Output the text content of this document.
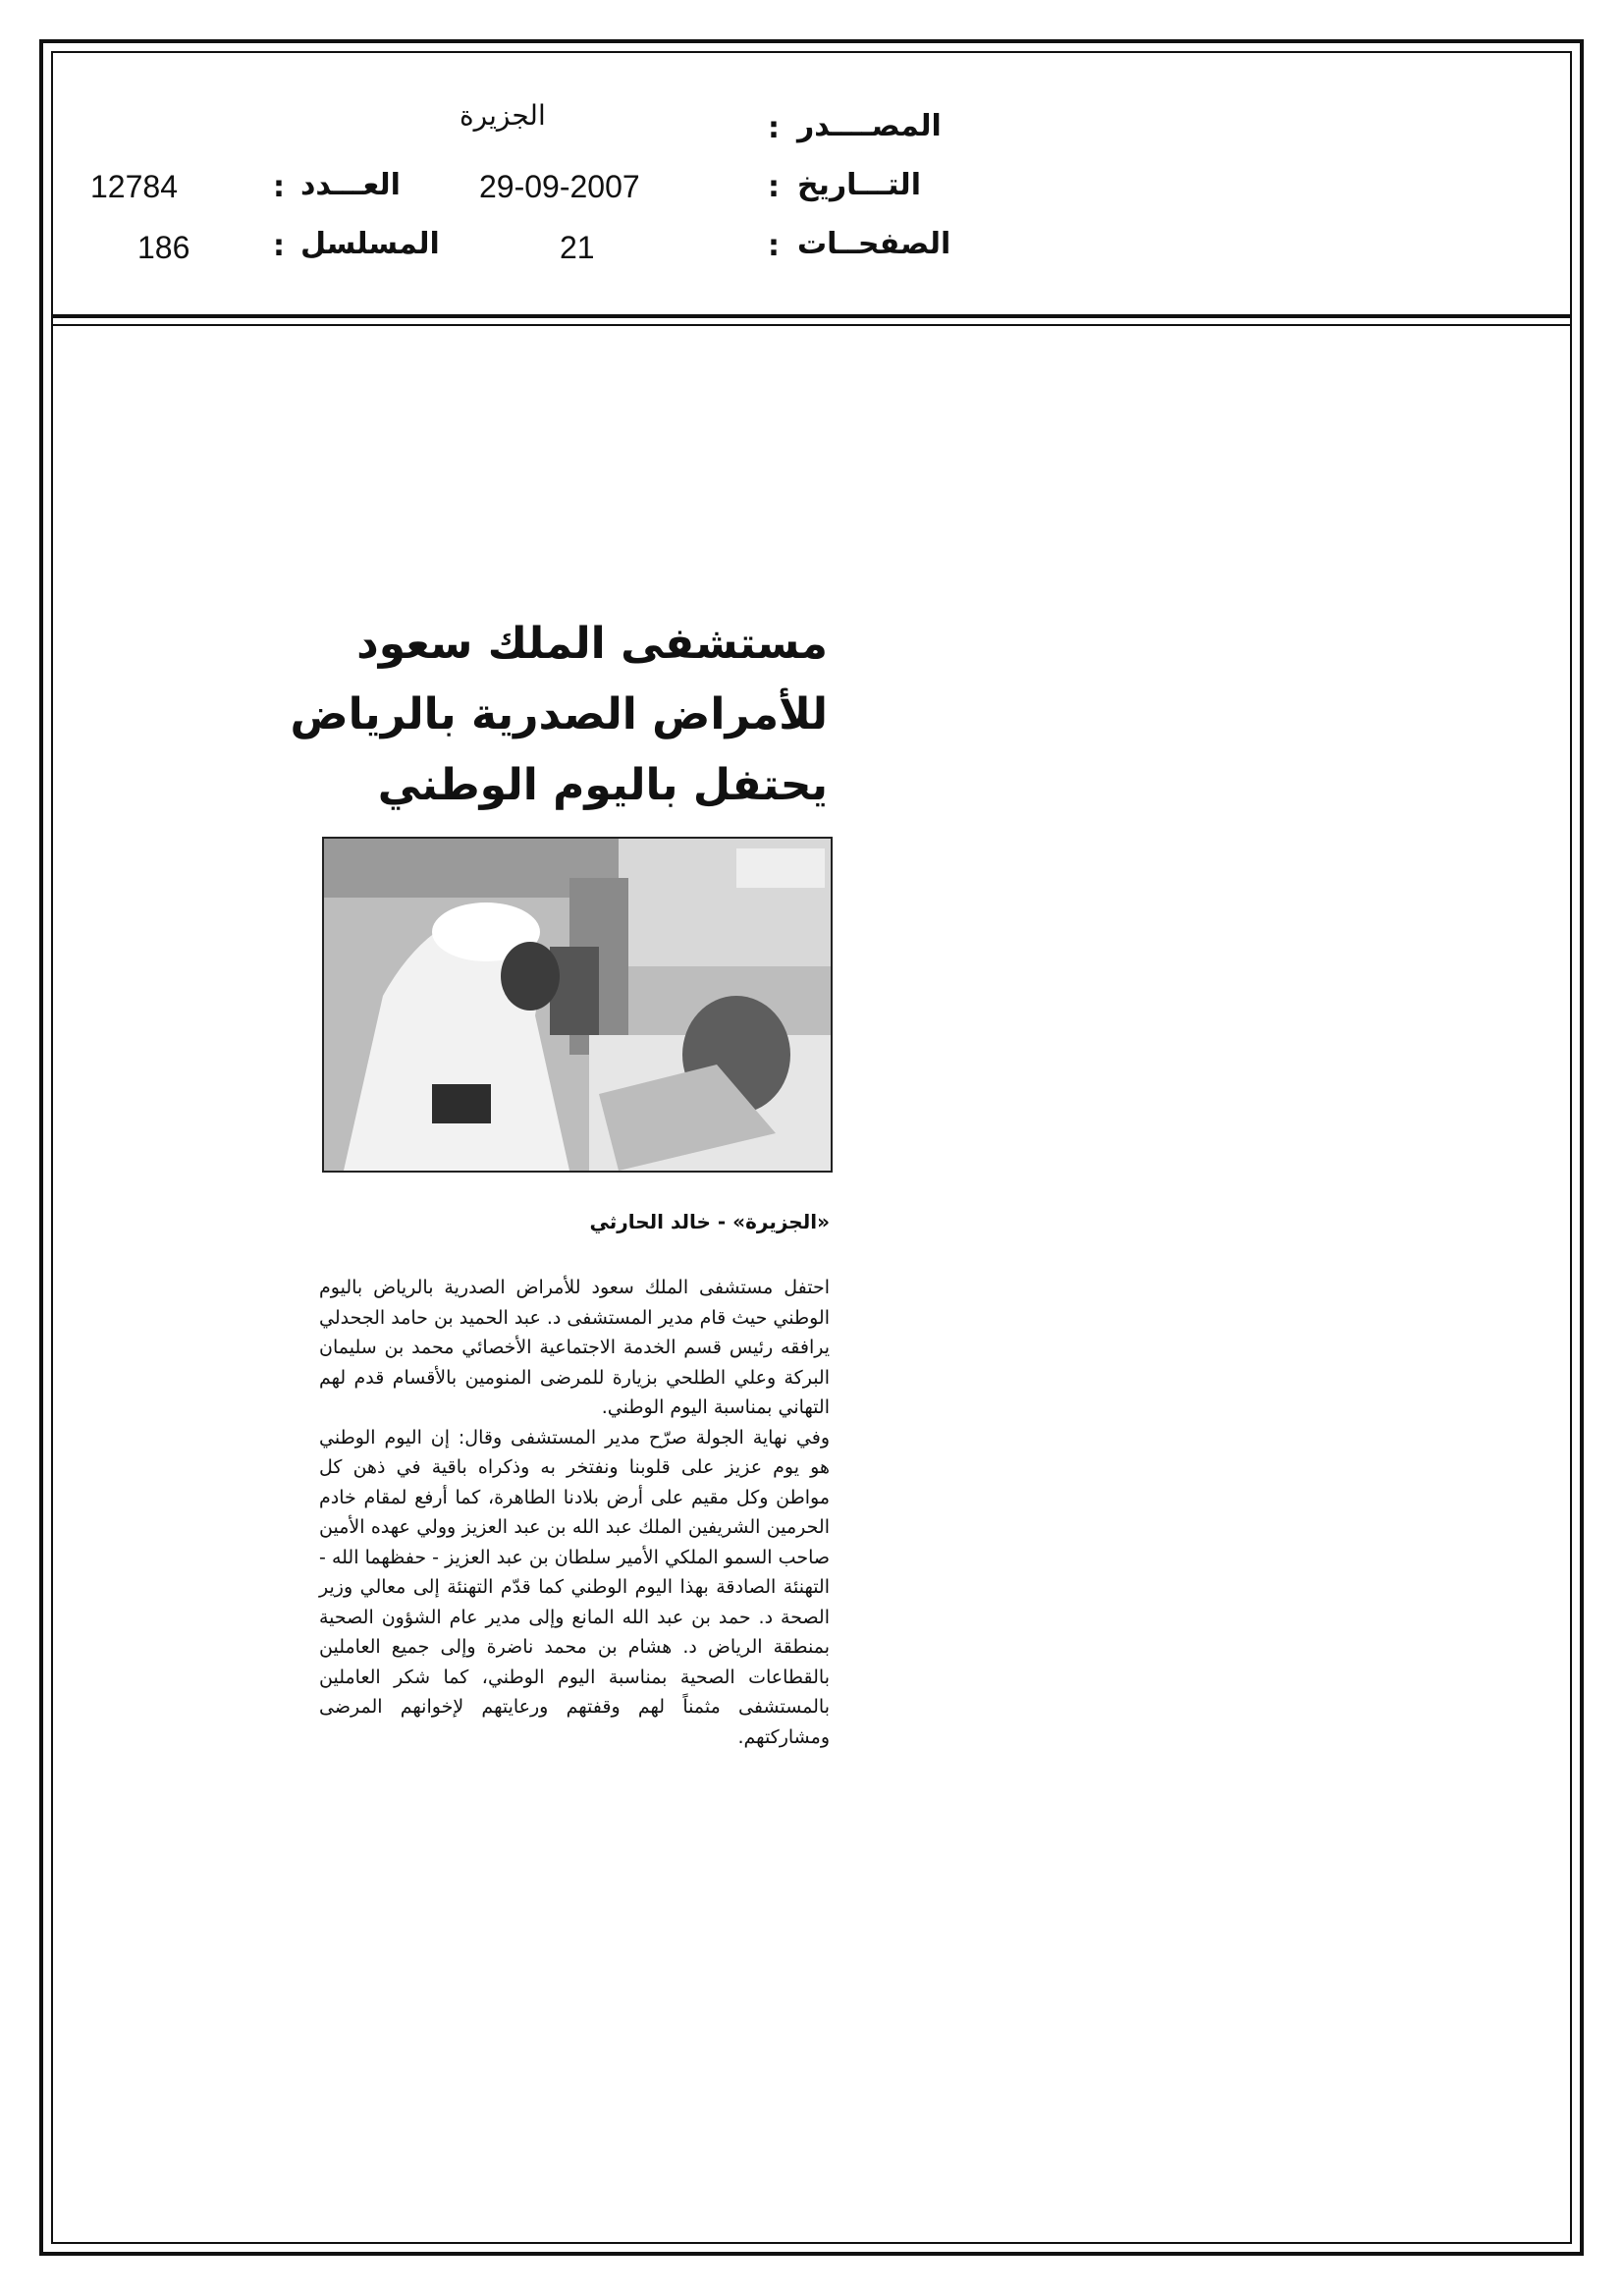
المصــــدر
:
الجزيرة
التـــاريخ
:
29-09-2007
الصفحــات
:
21
العـــدد
:
12784
المسلسل
:
186
مستشفى الملك سعود للأمراض الصدرية بالرياض يحتفل باليوم الوطني
«الجزيرة» - خالد الحارثي

احتفل مستشفى الملك سعود للأمراض الصدرية بالرياض باليوم الوطني حيث قام مدير المستشفى د. عبد الحميد بن حامد الجحدلي يرافقه رئيس قسم الخدمة الاجتماعية الأخصائي محمد بن سليمان البركة وعلي الطلحي بزيارة للمرضى المنومين بالأقسام قدم لهم التهاني بمناسبة اليوم الوطني.

وفي نهاية الجولة صرّح مدير المستشفى وقال: إن اليوم الوطني هو يوم عزيز على قلوبنا ونفتخر به وذكراه باقية في ذهن كل مواطن وكل مقيم على أرض بلادنا الطاهرة، كما أرفع لمقام خادم الحرمين الشريفين الملك عبد الله بن عبد العزيز وولي عهده الأمين صاحب السمو الملكي الأمير سلطان بن عبد العزيز - حفظهما الله - التهنئة الصادقة بهذا اليوم الوطني كما قدّم التهنئة إلى معالي وزير الصحة د. حمد بن عبد الله المانع وإلى مدير عام الشؤون الصحية بمنطقة الرياض د. هشام بن محمد ناضرة وإلى جميع العاملين بالقطاعات الصحية بمناسبة اليوم الوطني، كما شكر العاملين بالمستشفى مثمناً لهم وقفتهم ورعايتهم لإخوانهم المرضى ومشاركتهم.
